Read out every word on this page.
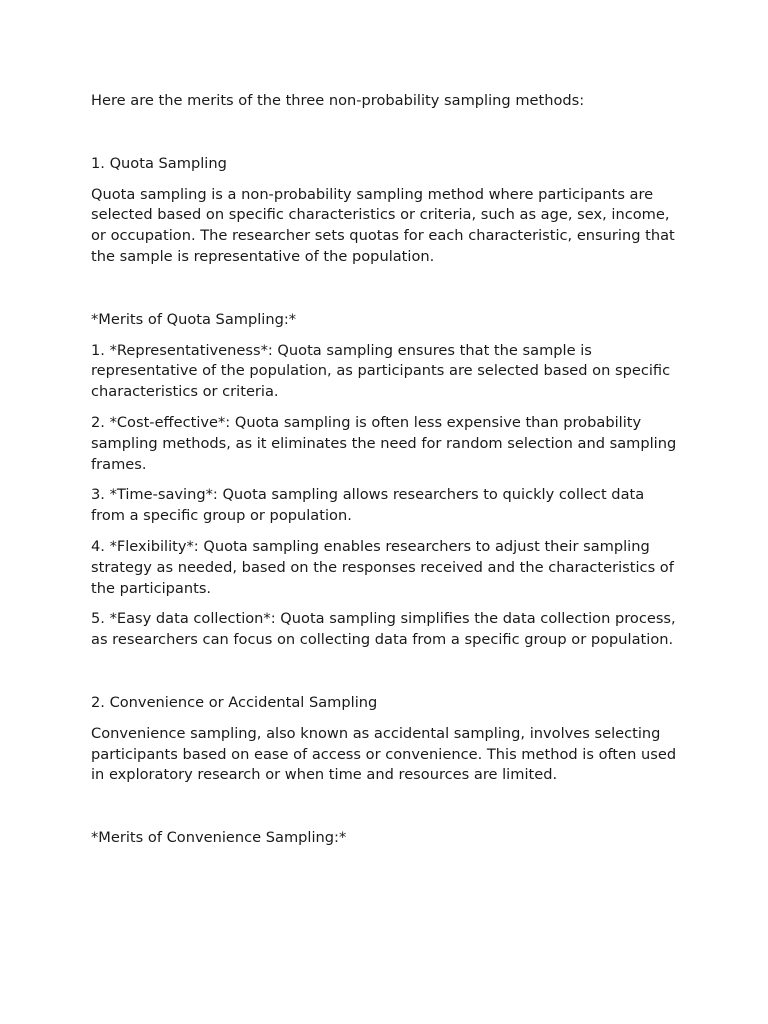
Here are the merits of the three non-probability sampling methods:

1. Quota Sampling

Quota sampling is a non-probability sampling method where participants are selected based on specific characteristics or criteria, such as age, sex, income, or occupation. The researcher sets quotas for each characteristic, ensuring that the sample is representative of the population.

*Merits of Quota Sampling:*

1. *Representativeness*: Quota sampling ensures that the sample is representative of the population, as participants are selected based on specific characteristics or criteria.

2. *Cost-effective*: Quota sampling is often less expensive than probability sampling methods, as it eliminates the need for random selection and sampling frames.

3. *Time-saving*: Quota sampling allows researchers to quickly collect data from a specific group or population.

4. *Flexibility*: Quota sampling enables researchers to adjust their sampling strategy as needed, based on the responses received and the characteristics of the participants.

5. *Easy data collection*: Quota sampling simplifies the data collection process, as researchers can focus on collecting data from a specific group or population.

2. Convenience or Accidental Sampling

Convenience sampling, also known as accidental sampling, involves selecting participants based on ease of access or convenience. This method is often used in exploratory research or when time and resources are limited.

*Merits of Convenience Sampling:*
